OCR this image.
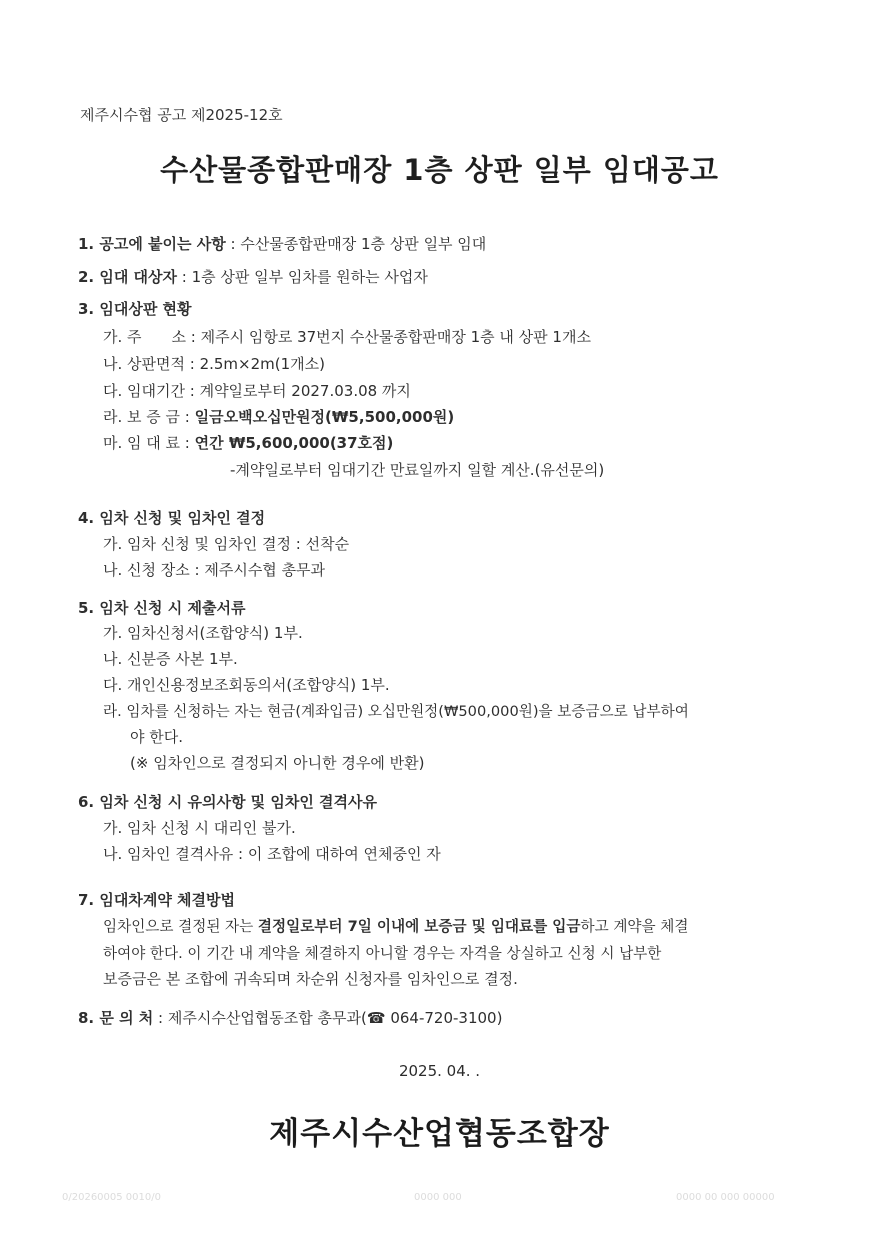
제주시수협 공고 제2025-12호
수산물종합판매장 1층 상판 일부 임대공고
1. 공고에 붙이는 사항 : 수산물종합판매장 1층 상판 일부 임대
2. 임대 대상자 : 1층 상판 일부 임차를 원하는 사업자
3. 임대상판 현황
가. 주　　소 : 제주시 임항로 37번지 수산물종합판매장 1층 내 상판 1개소
나. 상판면적 : 2.5m×2m(1개소)
다. 임대기간 : 계약일로부터 2027.03.08 까지
라. 보 증 금 : 일금오백오십만원정(₩5,500,000원)
마. 임 대 료 : 연간 ₩5,600,000(37호점)
-계약일로부터 임대기간 만료일까지 일할 계산.(유선문의)
4. 임차 신청 및 임차인 결정
가. 임차 신청 및 임차인 결정 : 선착순
나. 신청 장소 : 제주시수협 총무과
5. 임차 신청 시 제출서류
가. 임차신청서(조합양식) 1부.
나. 신분증 사본 1부.
다. 개인신용정보조회동의서(조합양식) 1부.
라. 임차를 신청하는 자는 현금(계좌입금) 오십만원정(₩500,000원)을 보증금으로 납부하여
야 한다.
(※ 임차인으로 결정되지 아니한 경우에 반환)
6. 임차 신청 시 유의사항 및 임차인 결격사유
가. 임차 신청 시 대리인 불가.
나. 임차인 결격사유 : 이 조합에 대하여 연체중인 자
7. 임대차계약 체결방법
임차인으로 결정된 자는 결정일로부터 7일 이내에 보증금 및 임대료를 입금하고 계약을 체결
하여야 한다. 이 기간 내 계약을 체결하지 아니할 경우는 자격을 상실하고 신청 시 납부한
보증금은 본 조합에 귀속되며 차순위 신청자를 임차인으로 결정.
8. 문 의 처 : 제주시수산업협동조합 총무과(☎ 064-720-3100)
2025. 04. .
제주시수산업협동조합장
0/20260005 0010/0	0000 000	0000 00 000 00000
